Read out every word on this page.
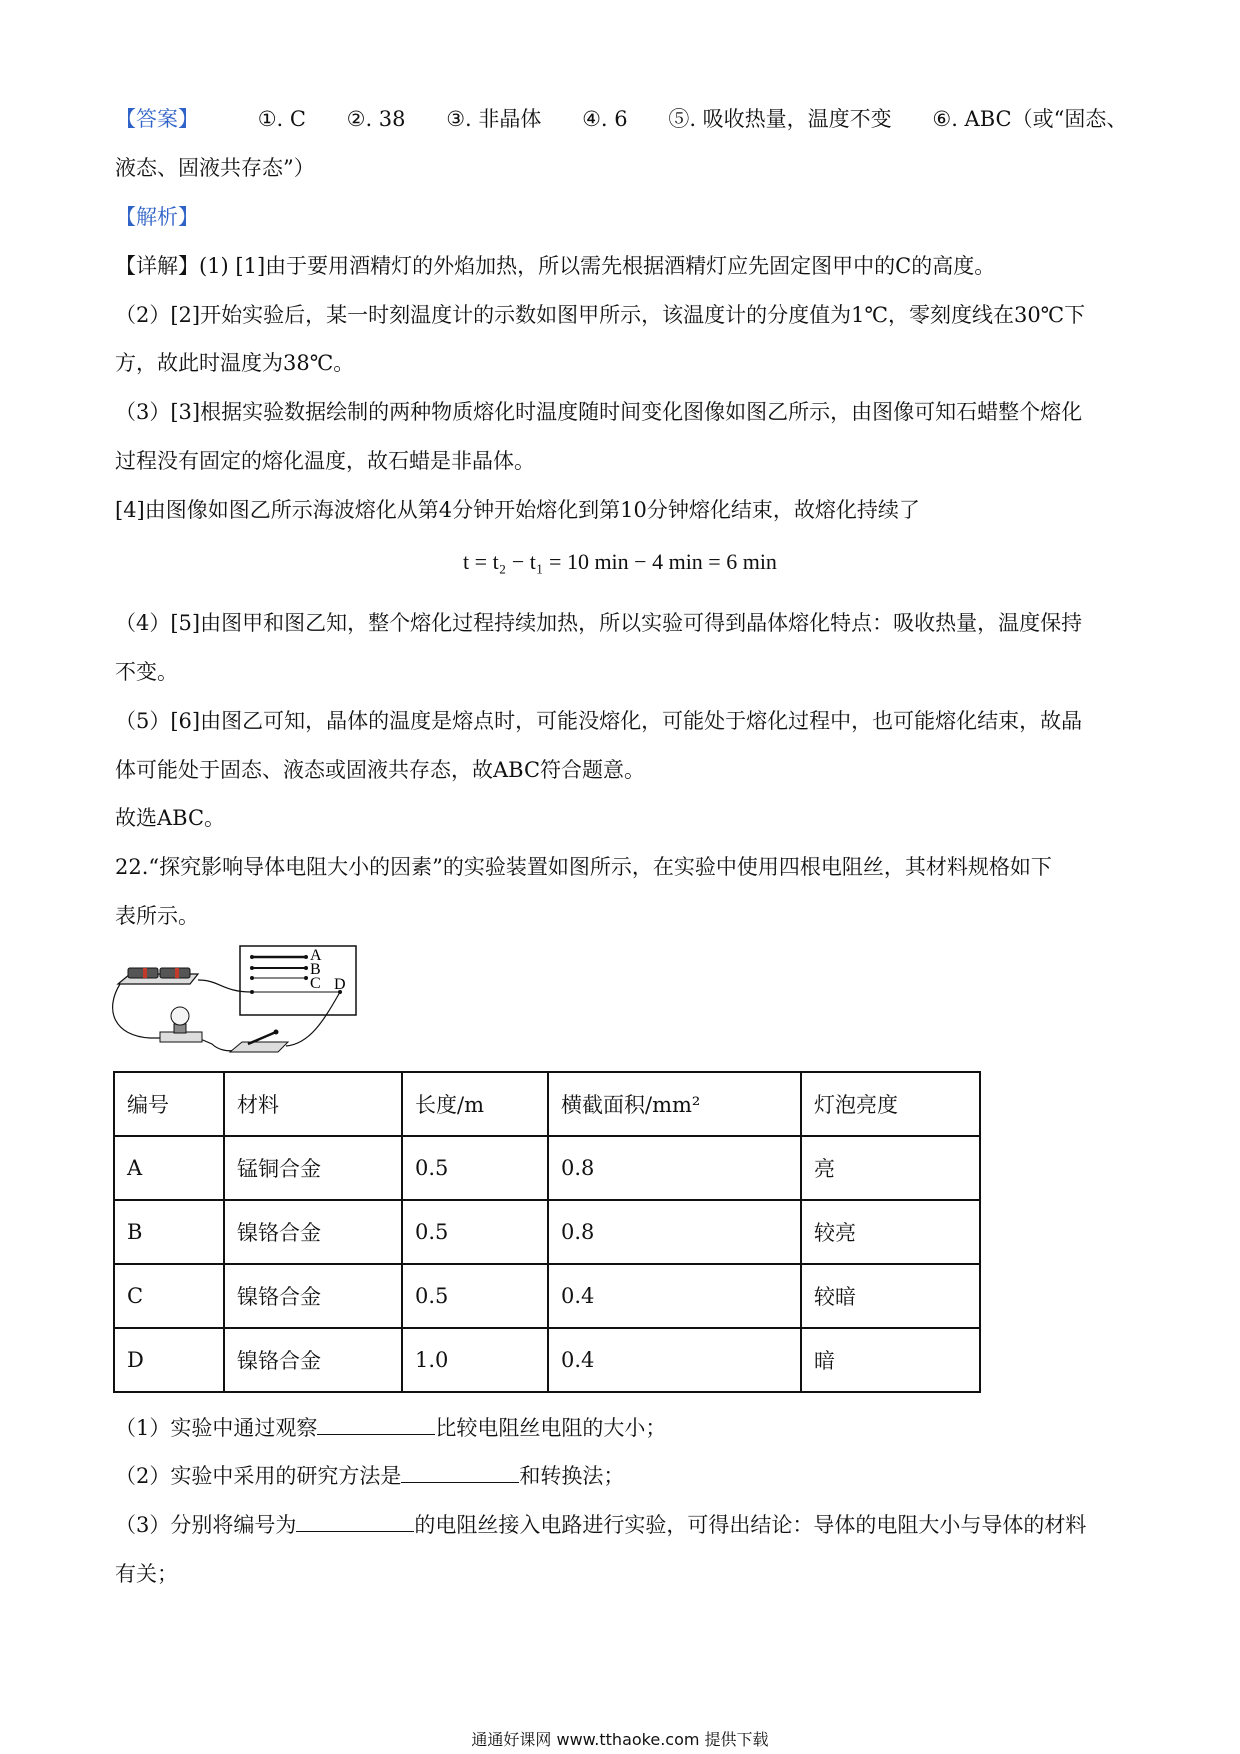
【答案】	①. C ②. 38 ③. 非晶体 ④. 6 ⑤. 吸收热量，温度不变 ⑥. ABC（或“固态、
液态、固液共存态”）
【解析】
【详解】(1) [1]由于要用酒精灯的外焰加热，所以需先根据酒精灯应先固定图甲中的C的高度。
（2）[2]开始实验后，某一时刻温度计的示数如图甲所示，该温度计的分度值为1℃，零刻度线在30℃下
方，故此时温度为38℃。
（3）[3]根据实验数据绘制的两种物质熔化时温度随时间变化图像如图乙所示，由图像可知石蜡整个熔化
过程没有固定的熔化温度，故石蜡是非晶体。
[4]由图像如图乙所示海波熔化从第4分钟开始熔化到第10分钟熔化结束，故熔化持续了
t = t₂ − t₁ = 10 min − 4 min = 6 min
（4）[5]由图甲和图乙知，整个熔化过程持续加热，所以实验可得到晶体熔化特点：吸收热量，温度保持
不变。
（5）[6]由图乙可知，晶体的温度是熔点时，可能没熔化，可能处于熔化过程中，也可能熔化结束，故晶
体可能处于固态、液态或固液共存态，故ABC符合题意。
故选ABC。
22.“探究影响导体电阻大小的因素”的实验装置如图所示，在实验中使用四根电阻丝，其材料规格如下
表所示。
A
B
C D
编号	材料	长度/m	横截面积/mm²	灯泡亮度
A	锰铜合金	0.5	0.8	亮
B	镍铬合金	0.5	0.8	较亮
C	镍铬合金	0.5	0.4	较暗
D	镍铬合金	1.0	0.4	暗
（1）实验中通过观察	比较电阻丝电阻的大小；
（2）实验中采用的研究方法是	和转换法；
（3）分别将编号为	的电阻丝接入电路进行实验，可得出结论：导体的电阻大小与导体的材料
有关；
通通好课网 www.tthaoke.com 提供下载
